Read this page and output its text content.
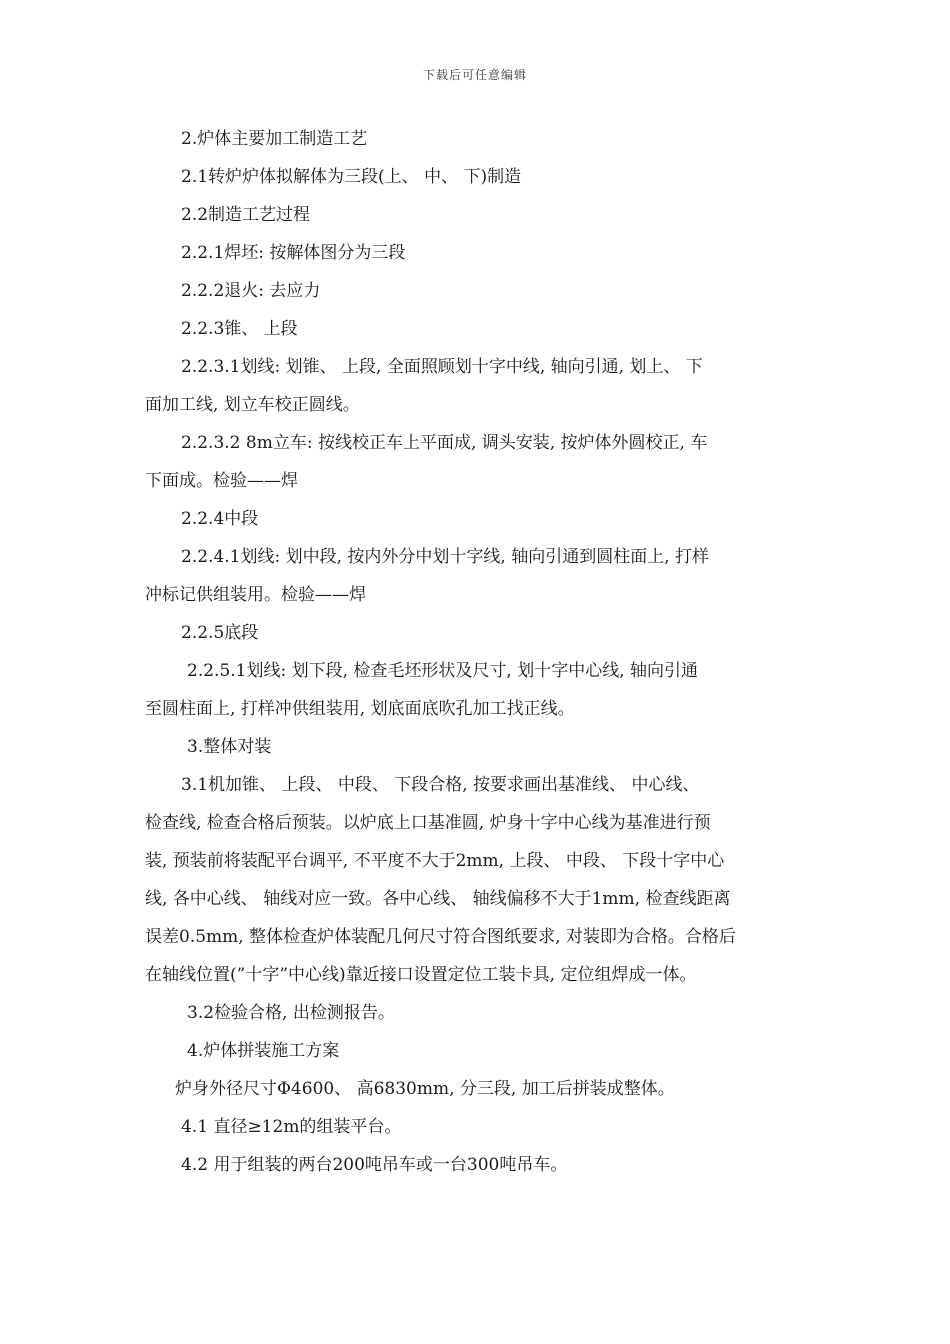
下载后可任意编辑
2.炉体主要加工制造工艺
2.1转炉炉体拟解体为三段(上、 中、 下)制造
2.2制造工艺过程
2.2.1焊坯: 按解体图分为三段
2.2.2退火: 去应力
2.2.3锥、 上段
2.2.3.1划线: 划锥、 上段, 全面照顾划十字中线, 轴向引通, 划上、 下
面加工线, 划立车校正圆线。
2.2.3.2 8m立车: 按线校正车上平面成, 调头安装, 按炉体外圆校正, 车
下面成。检验——焊
2.2.4中段
2.2.4.1划线: 划中段, 按内外分中划十字线, 轴向引通到圆柱面上, 打样
冲标记供组装用。检验——焊
2.2.5底段
2.2.5.1划线: 划下段, 检查毛坯形状及尺寸, 划十字中心线, 轴向引通
至圆柱面上, 打样冲供组装用, 划底面底吹孔加工找正线。
3.整体对装
3.1机加锥、 上段、 中段、 下段合格, 按要求画出基准线、 中心线、
检查线, 检查合格后预装。以炉底上口基准圆, 炉身十字中心线为基准进行预
装, 预装前将装配平台调平, 不平度不大于2mm, 上段、 中段、 下段十字中心
线, 各中心线、 轴线对应一致。各中心线、 轴线偏移不大于1mm, 检查线距离
误差0.5mm, 整体检查炉体装配几何尺寸符合图纸要求, 对装即为合格。合格后
在轴线位置(”十字”中心线)靠近接口设置定位工装卡具, 定位组焊成一体。
3.2检验合格, 出检测报告。
4.炉体拼装施工方案
炉身外径尺寸Φ4600、 高6830mm, 分三段, 加工后拼装成整体。
4.1 直径≥12m的组装平台。
4.2 用于组装的两台200吨吊车或一台300吨吊车。
